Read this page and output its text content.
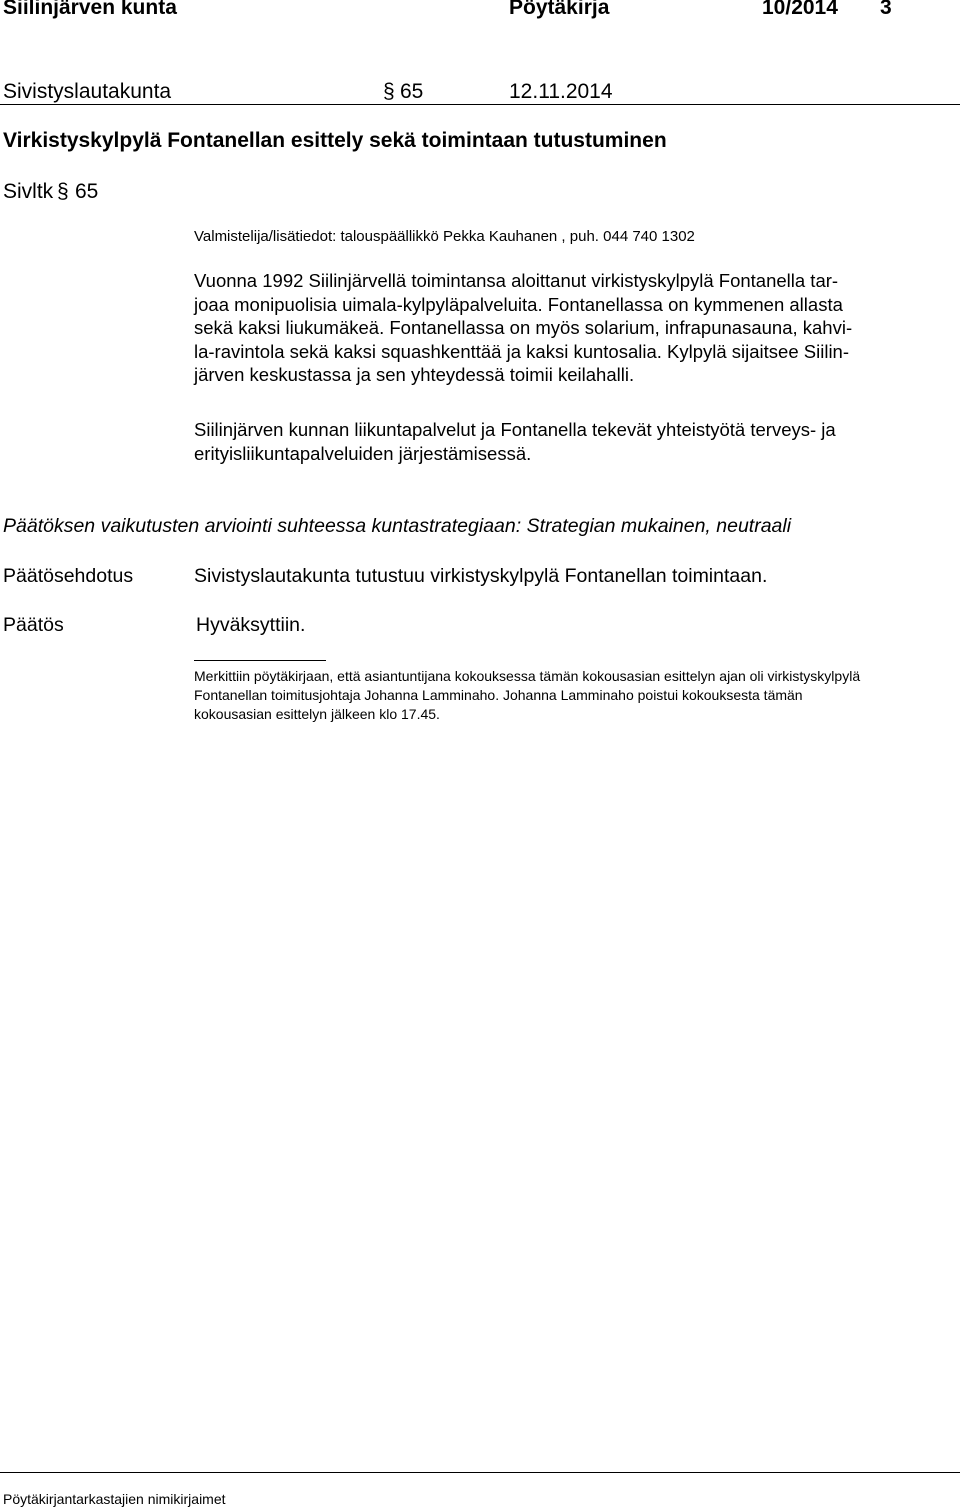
Siilinjärven kunta	Pöytäkirja	10/2014 3
Sivistyslautakunta	§ 65	12.11.2014
Virkistyskylpylä Fontanellan esittely sekä toimintaan tutustuminen
Sivltk § 65
Valmistelija/lisätiedot: talouspäällikkö Pekka Kauhanen , puh. 044 740 1302
Vuonna 1992 Siilinjärvellä toimintansa aloittanut virkistyskylpylä Fontanella tar-
joaa monipuolisia uimala-kylpyläpalveluita. Fontanellassa on kymmenen allasta
sekä kaksi liukumäkeä. Fontanellassa on myös solarium, infrapunasauna, kahvi-
la-ravintola sekä kaksi squashkenttää ja kaksi kuntosalia. Kylpylä sijaitsee Siilin-
järven keskustassa ja sen yhteydessä toimii keilahalli.
Siilinjärven kunnan liikuntapalvelut ja Fontanella tekevät yhteistyötä terveys- ja
erityisliikuntapalveluiden järjestämisessä.
Päätöksen vaikutusten arviointi suhteessa kuntastrategiaan: Strategian mukainen, neutraali
Päätösehdotus	Sivistyslautakunta tutustuu virkistyskylpylä Fontanellan toimintaan.
Päätös	Hyväksyttiin.
Merkittiin pöytäkirjaan, että asiantuntijana kokouksessa tämän kokousasian esittelyn ajan oli virkistyskylpylä
Fontanellan toimitusjohtaja Johanna Lamminaho. Johanna Lamminaho poistui kokouksesta tämän
kokousasian esittelyn jälkeen klo 17.45.
Pöytäkirjantarkastajien nimikirjaimet
